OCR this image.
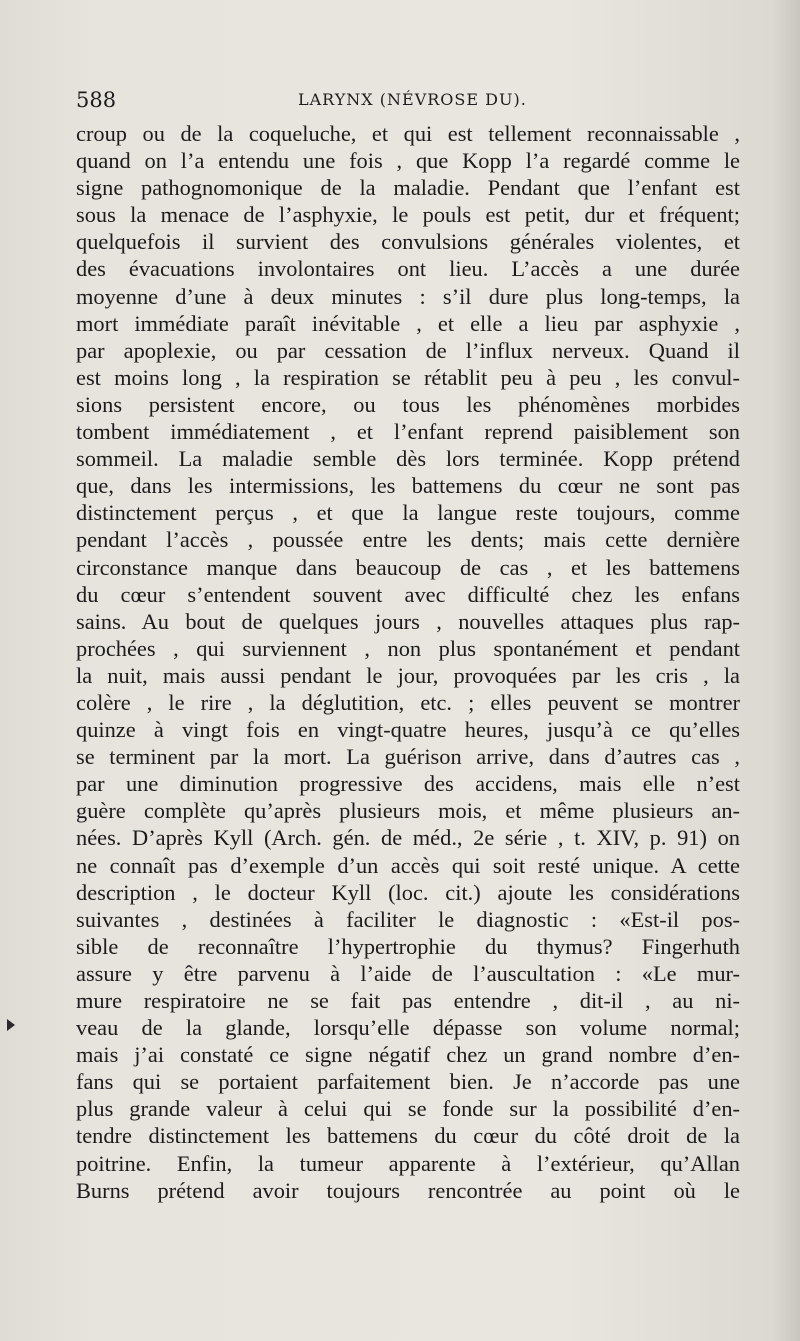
588	LARYNX (NÉVROSE DU).
croup ou de la coqueluche, et qui est tellement reconnaissable ,
quand on l’a entendu une fois , que Kopp l’a regardé comme le
signe pathognomonique de la maladie. Pendant que l’enfant est
sous la menace de l’asphyxie, le pouls est petit, dur et fréquent;
quelquefois il survient des convulsions générales violentes, et
des évacuations involontaires ont lieu. L’accès a une durée
moyenne d’une à deux minutes : s’il dure plus long-temps, la
mort immédiate paraît inévitable , et elle a lieu par asphyxie ,
par apoplexie, ou par cessation de l’influx nerveux. Quand il
est moins long , la respiration se rétablit peu à peu , les convul-
sions persistent encore, ou tous les phénomènes morbides
tombent immédiatement , et l’enfant reprend paisiblement son
sommeil. La maladie semble dès lors terminée. Kopp prétend
que, dans les intermissions, les battemens du cœur ne sont pas
distinctement perçus , et que la langue reste toujours, comme
pendant l’accès , poussée entre les dents; mais cette dernière
circonstance manque dans beaucoup de cas , et les battemens
du cœur s’entendent souvent avec difficulté chez les enfans
sains. Au bout de quelques jours , nouvelles attaques plus rap-
prochées , qui surviennent , non plus spontanément et pendant
la nuit, mais aussi pendant le jour, provoquées par les cris , la
colère , le rire , la déglutition, etc. ; elles peuvent se montrer
quinze à vingt fois en vingt-quatre heures, jusqu’à ce qu’elles
se terminent par la mort. La guérison arrive, dans d’autres cas ,
par une diminution progressive des accidens, mais elle n’est
guère complète qu’après plusieurs mois, et même plusieurs an-
nées. D’après Kyll (Arch. gén. de méd., 2e série , t. XIV, p. 91) on
ne connaît pas d’exemple d’un accès qui soit resté unique. A cette
description , le docteur Kyll (loc. cit.) ajoute les considérations
suivantes , destinées à faciliter le diagnostic : «Est-il pos-
sible de reconnaître l’hypertrophie du thymus? Fingerhuth
assure y être parvenu à l’aide de l’auscultation : «Le mur-
mure respiratoire ne se fait pas entendre , dit-il , au ni-
veau de la glande, lorsqu’elle dépasse son volume normal;
mais j’ai constaté ce signe négatif chez un grand nombre d’en-
fans qui se portaient parfaitement bien. Je n’accorde pas une
plus grande valeur à celui qui se fonde sur la possibilité d’en-
tendre distinctement les battemens du cœur du côté droit de la
poitrine. Enfin, la tumeur apparente à l’extérieur, qu’Allan
Burns prétend avoir toujours rencontrée au point où le
